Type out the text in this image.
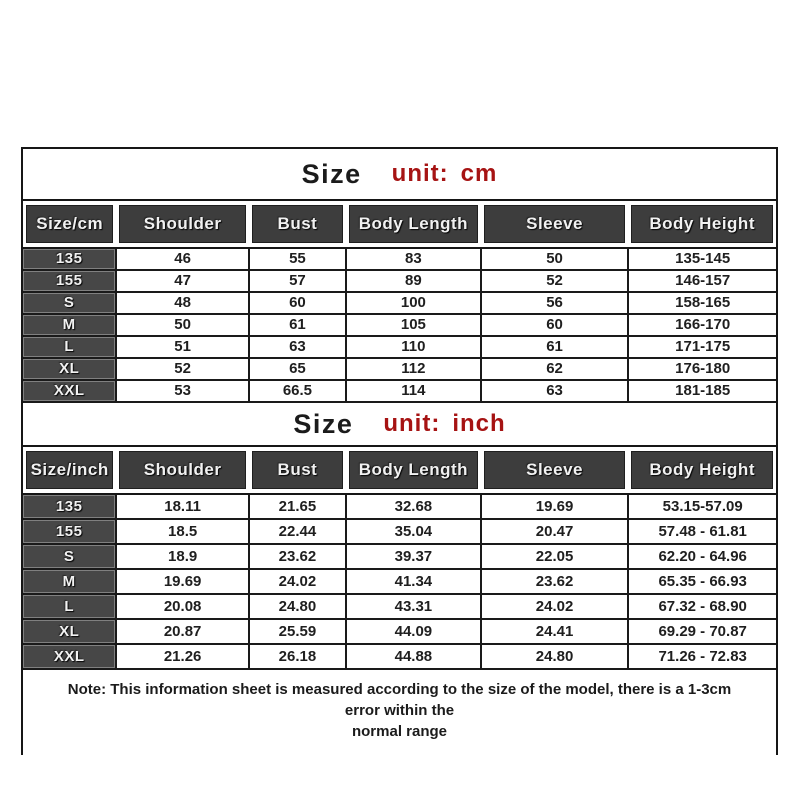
Size unit: cm
Size/cm	Shoulder	Bust	Body Length	Sleeve	Body Height
135	46	55	83	50	135-145
155	47	57	89	52	146-157
S	48	60	100	56	158-165
M	50	61	105	60	166-170
L	51	63	110	61	171-175
XL	52	65	112	62	176-180
XXL	53	66.5	114	63	181-185
Size unit: inch
Size/inch	Shoulder	Bust	Body Length	Sleeve	Body Height
135	18.11	21.65	32.68	19.69	53.15-57.09
155	18.5	22.44	35.04	20.47	57.48 - 61.81
S	18.9	23.62	39.37	22.05	62.20 - 64.96
M	19.69	24.02	41.34	23.62	65.35 - 66.93
L	20.08	24.80	43.31	24.02	67.32 - 68.90
XL	20.87	25.59	44.09	24.41	69.29 - 70.87
XXL	21.26	26.18	44.88	24.80	71.26 - 72.83
Note: This information sheet is measured according to the size of the model, there is a 1-3cm error within the
normal range
